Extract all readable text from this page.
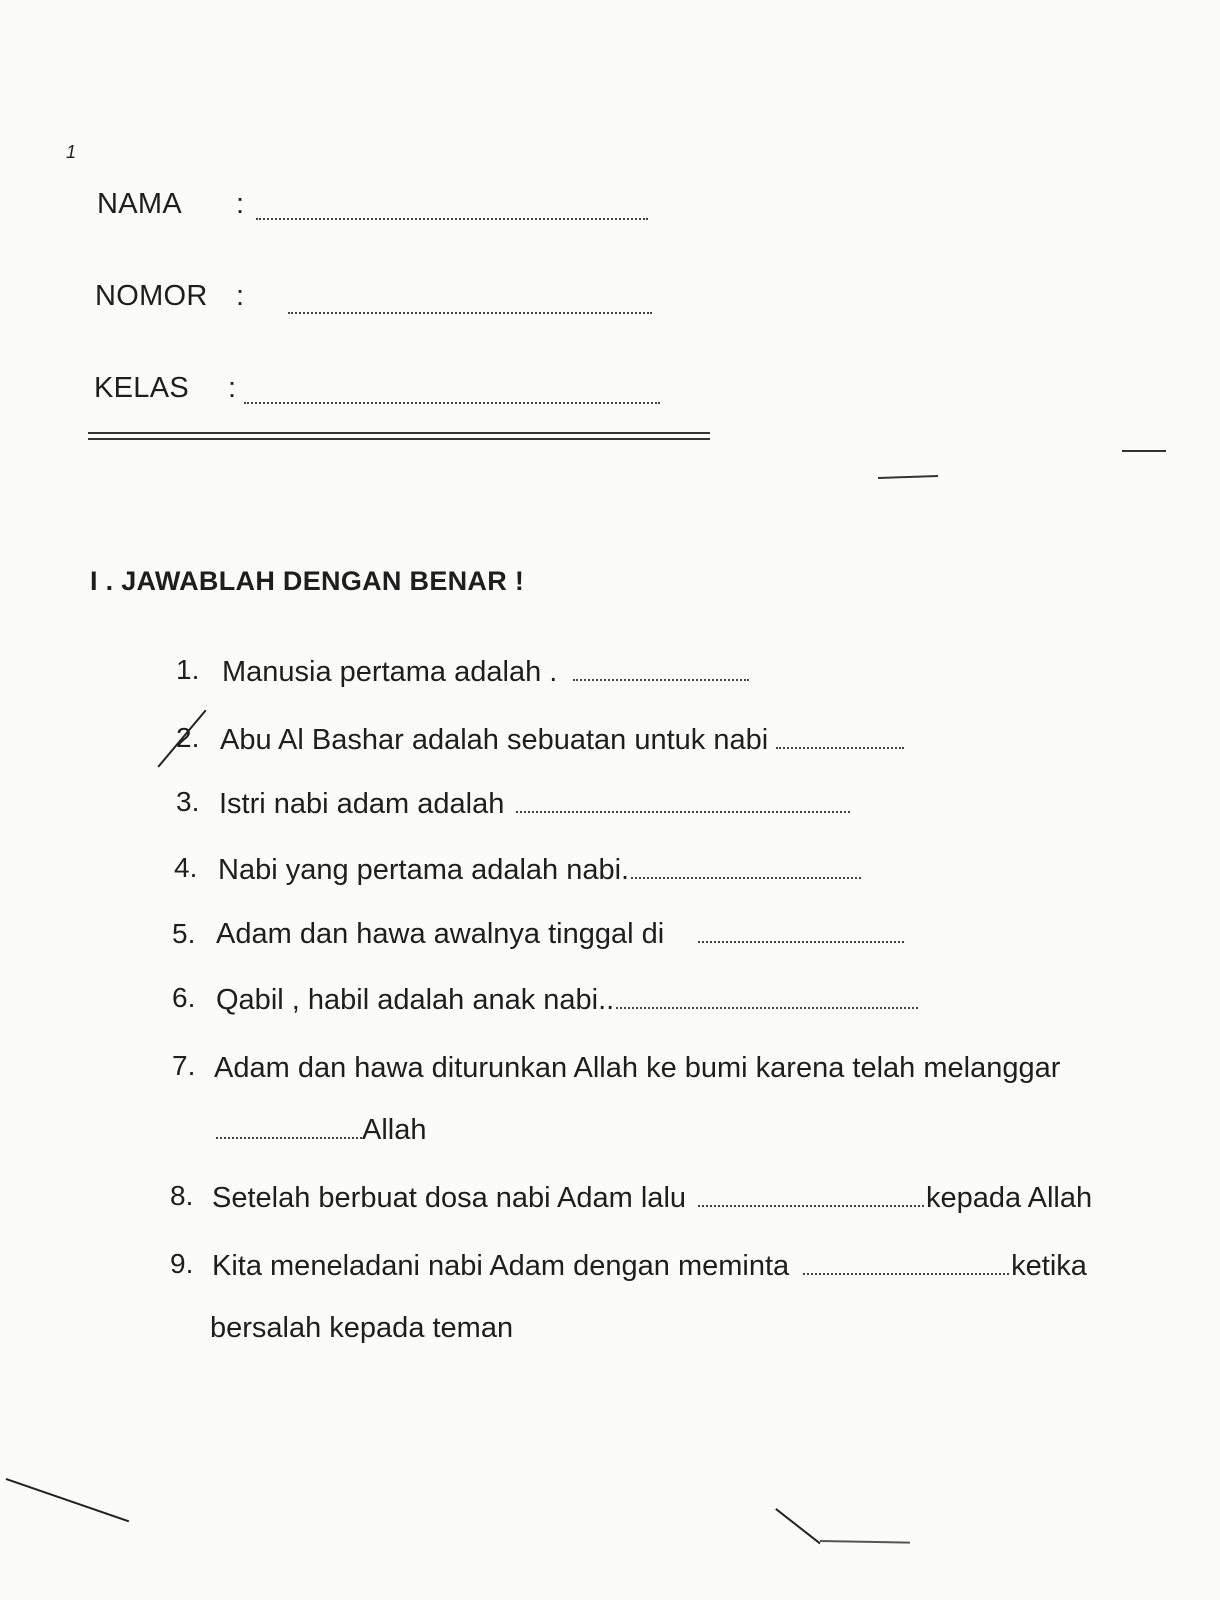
1
NAMA :
NOMOR :
KELAS :
I . JAWABLAH DENGAN BENAR !
1. Manusia pertama adalah .
2. Abu Al Bashar adalah sebuatan untuk nabi
3. Istri nabi adam adalah
4. Nabi yang pertama adalah nabi.
5. Adam dan hawa awalnya tinggal di
6. Qabil , habil adalah anak nabi..
7. Adam dan hawa diturunkan Allah ke bumi karena telah melanggar
Allah
8. Setelah berbuat dosa nabi Adam lalu	kepada Allah
9. Kita meneladani nabi Adam dengan meminta	ketika
bersalah kepada teman
